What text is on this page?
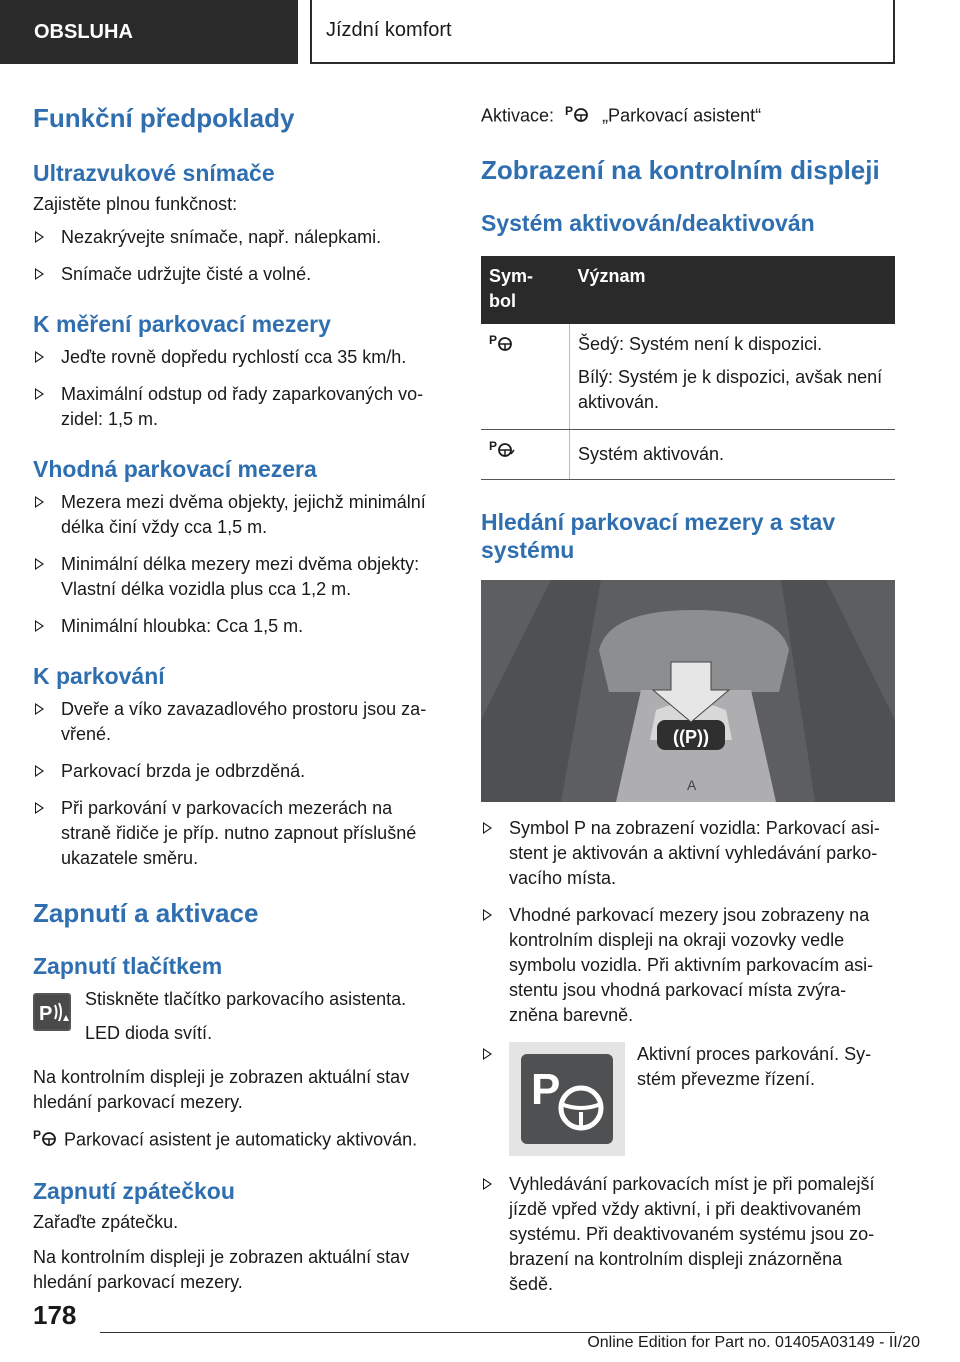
OBSLUHA	Jízdní komfort
Funkční předpoklady
Ultrazvukové snímače

Zajistěte plnou funkčnost:

Nezakrývejte snímače, např. nálepkami.
Snímače udržujte čisté a volné.
K měření parkovací mezery
Jeďte rovně dopředu rychlostí cca 35 km/h.
Maximální odstup od řady zaparkovaných vo-
zidel: 1,5 m.
Vhodná parkovací mezera
Mezera mezi dvěma objekty, jejichž minimální
délka činí vždy cca 1,5 m.
Minimální délka mezery mezi dvěma objekty:
Vlastní délka vozidla plus cca 1,2 m.
Minimální hloubka: Cca 1,5 m.
K parkování
Dveře a víko zavazadlového prostoru jsou za-
vřené.
Parkovací brzda je odbrzděná.
Při parkování v parkovacích mezerách na
straně řidiče je příp. nutno zapnout příslušné
ukazatele směru.
Zapnutí a aktivace
Zapnutí tlačítkem
P

Stiskněte tlačítko parkovacího asistenta.

LED dioda svítí.

Na kontrolním displeji je zobrazen aktuální stav
hledání parkovací mezery.

P Parkovací asistent je automaticky aktivován.
Zapnutí zpátečkou

Zařaďte zpátečku.

Na kontrolním displeji je zobrazen aktuální stav
hledání parkovací mezery.

Aktivace: P „Parkovací asistent“
Zobrazení na kontrolním displeji
Systém aktivován/deaktivován
Sym-
bol	Význam

P	Šedý: Systém není k dispozici.
Bílý: Systém je k dispozici, avšak není
aktivován.

P	Systém aktivován.
Hledání parkovací mezery a stav
systému
((P))
A
Symbol P na zobrazení vozidla: Parkovací asi-
stent je aktivován a aktivní vyhledávání parko-
vacího místa.
Vhodné parkovací mezery jsou zobrazeny na
kontrolním displeji na okraji vozovky vedle
symbolu vozidla. Při aktivním parkovacím asi-
stentu jsou vhodná parkovací místa zvýra-
zněna barevně.
P

Aktivní proces parkování. Sy-
stém převezme řízení.

Vyhledávání parkovacích míst je při pomalejší
jízdě vpřed vždy aktivní, i při deaktivovaném
systému. Při deaktivovaném systému jsou zo-
brazení na kontrolním displeji znázorněna
šedě.
178
Online Edition for Part no. 01405A03149 - II/20
